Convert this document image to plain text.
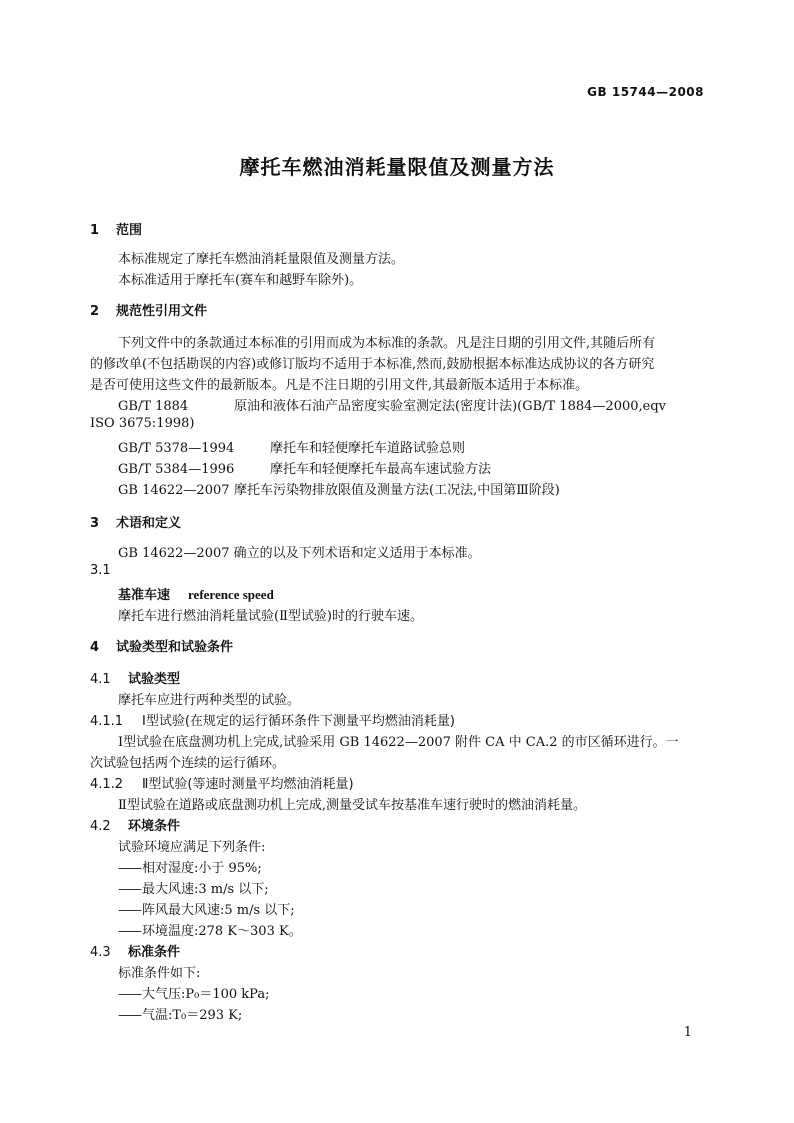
GB 15744—2008
摩托车燃油消耗量限值及测量方法
1 范围
本标准规定了摩托车燃油消耗量限值及测量方法。
本标准适用于摩托车(赛车和越野车除外)。
2 规范性引用文件
下列文件中的条款通过本标准的引用而成为本标准的条款。凡是注日期的引用文件,其随后所有
的修改单(不包括勘误的内容)或修订版均不适用于本标准,然而,鼓励根据本标准达成协议的各方研究
是否可使用这些文件的最新版本。凡是不注日期的引用文件,其最新版本适用于本标准。
GB/T 1884	原油和液体石油产品密度实验室测定法(密度计法)(GB/T 1884—2000,eqv
ISO 3675:1998)
GB/T 5378—1994	摩托车和轻便摩托车道路试验总则
GB/T 5384—1996	摩托车和轻便摩托车最高车速试验方法
GB 14622—2007 摩托车污染物排放限值及测量方法(工况法,中国第Ⅲ阶段)
3 术语和定义
GB 14622—2007 确立的以及下列术语和定义适用于本标准。
3.1
基准车速 reference speed
摩托车进行燃油消耗量试验(Ⅱ型试验)时的行驶车速。
4 试验类型和试验条件
4.1 试验类型
摩托车应进行两种类型的试验。
4.1.1 Ⅰ型试验(在规定的运行循环条件下测量平均燃油消耗量)
Ⅰ型试验在底盘测功机上完成,试验采用 GB 14622—2007 附件 CA 中 CA.2 的市区循环进行。一
次试验包括两个连续的运行循环。
4.1.2 Ⅱ型试验(等速时测量平均燃油消耗量)
Ⅱ型试验在道路或底盘测功机上完成,测量受试车按基准车速行驶时的燃油消耗量。
4.2 环境条件
试验环境应满足下列条件:
—— 相对湿度:小于 95%;
—— 最大风速:3 m/s 以下;
—— 阵风最大风速:5 m/s 以下;
—— 环境温度:278 K～303 K。
4.3 标准条件
标准条件如下:
—— 大气压:P₀＝100 kPa;
—— 气温:T₀＝293 K;
1
